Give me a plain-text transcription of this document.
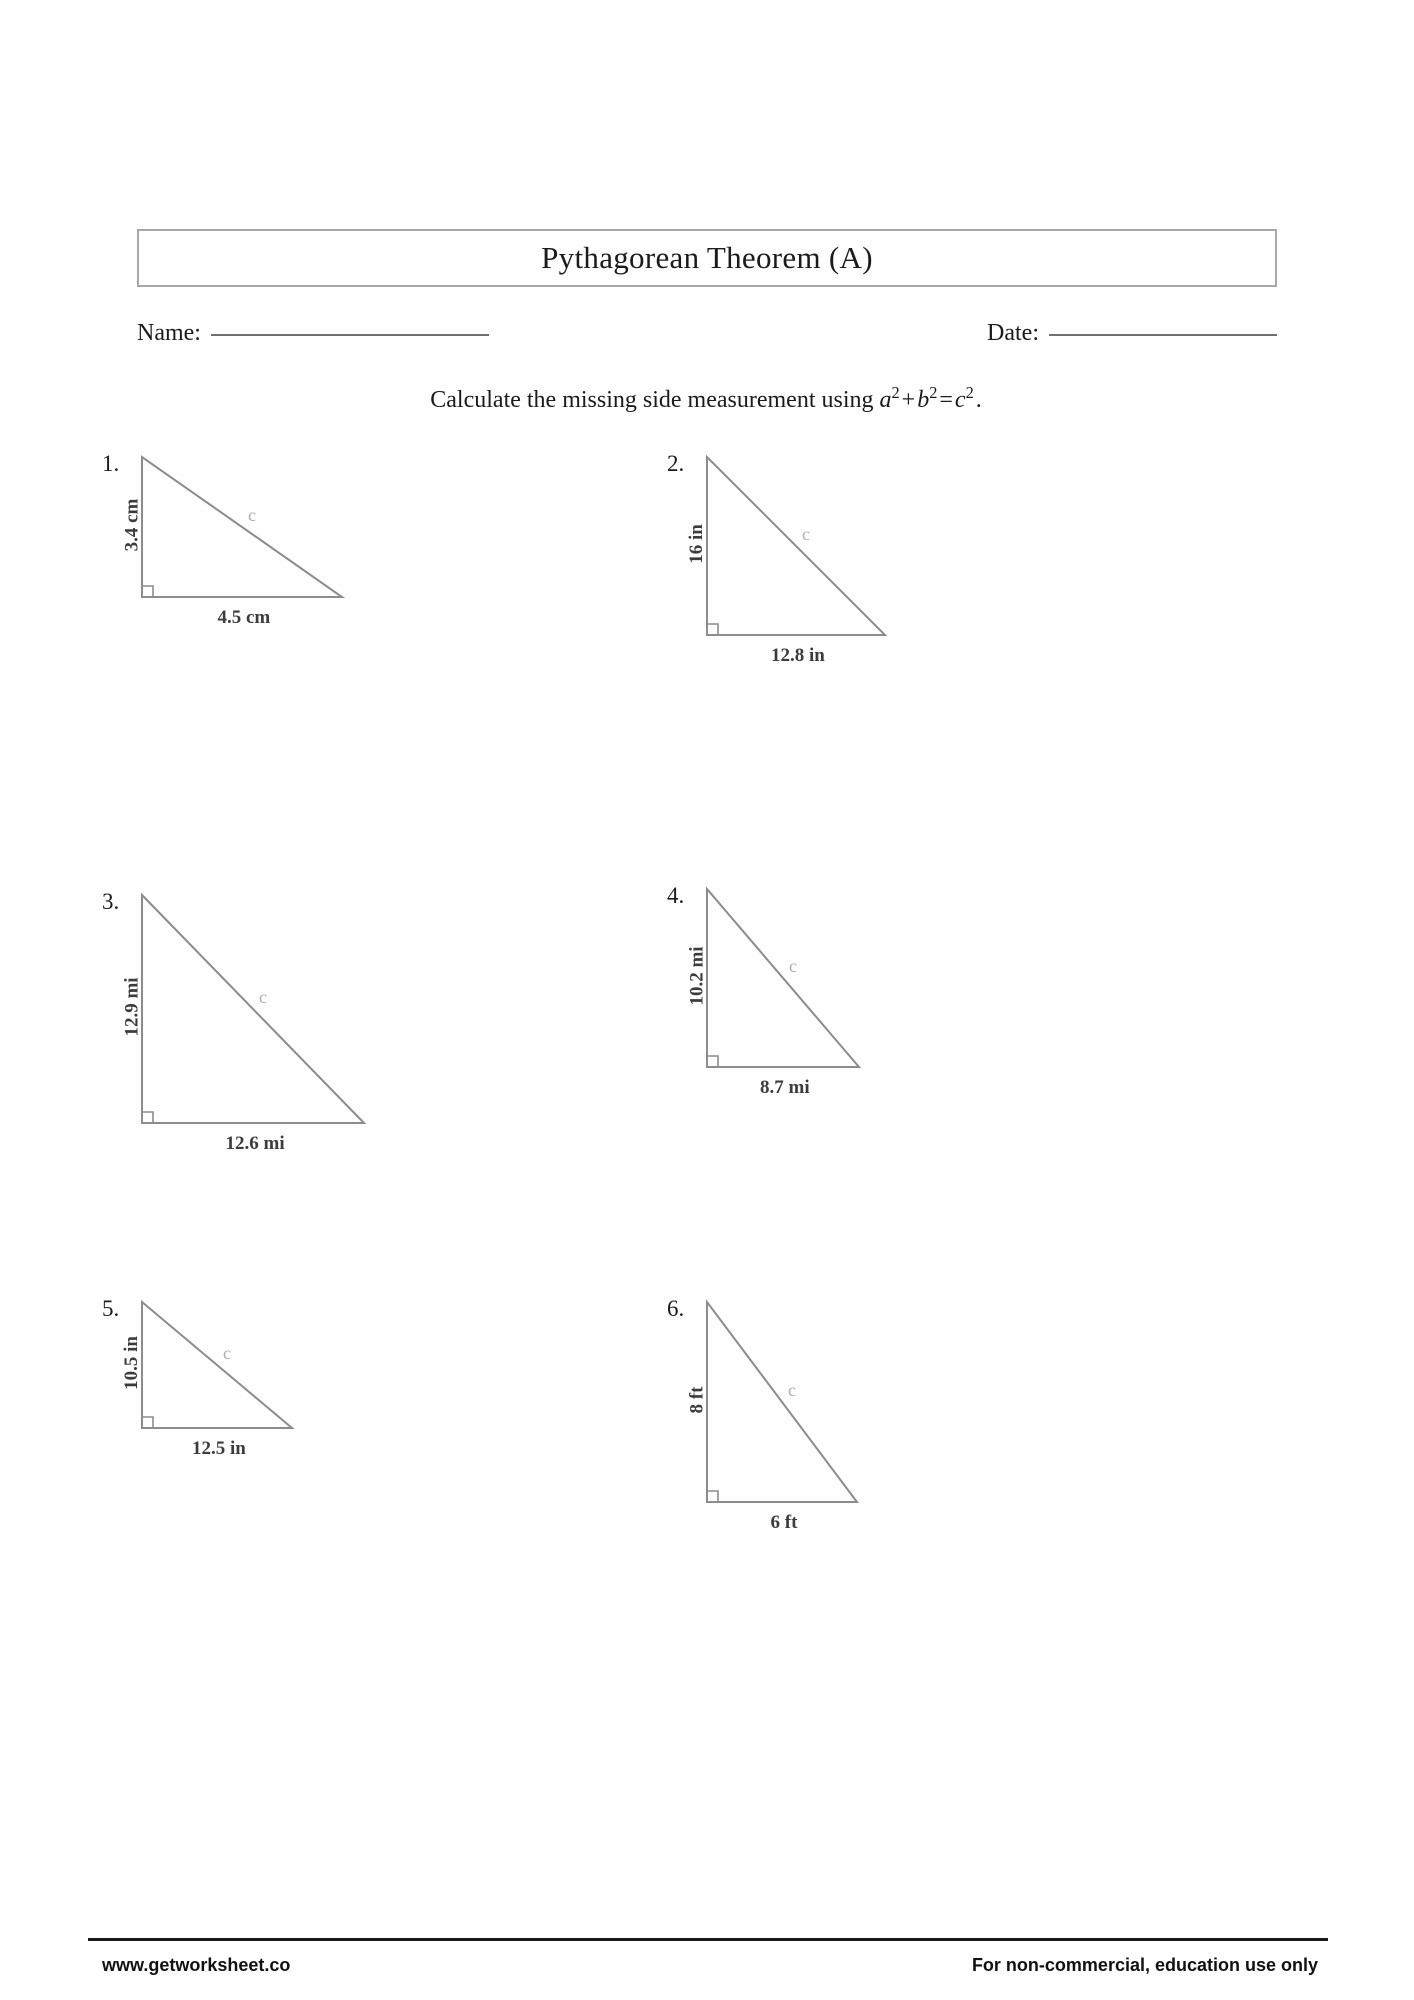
Pythagorean Theorem (A)
Name:	Date:
Calculate the missing side measurement using $a^2+b^2=c^2$.
1.
3.4 cm
4.5 cm
c
2.
16 in
12.8 in
c
3.
12.9 mi
12.6 mi
c
4.
10.2 mi
8.7 mi
c
5.
10.5 in
12.5 in
c
6.
8 ft
6 ft
c
www.getworksheet.co	For non-commercial, education use only
